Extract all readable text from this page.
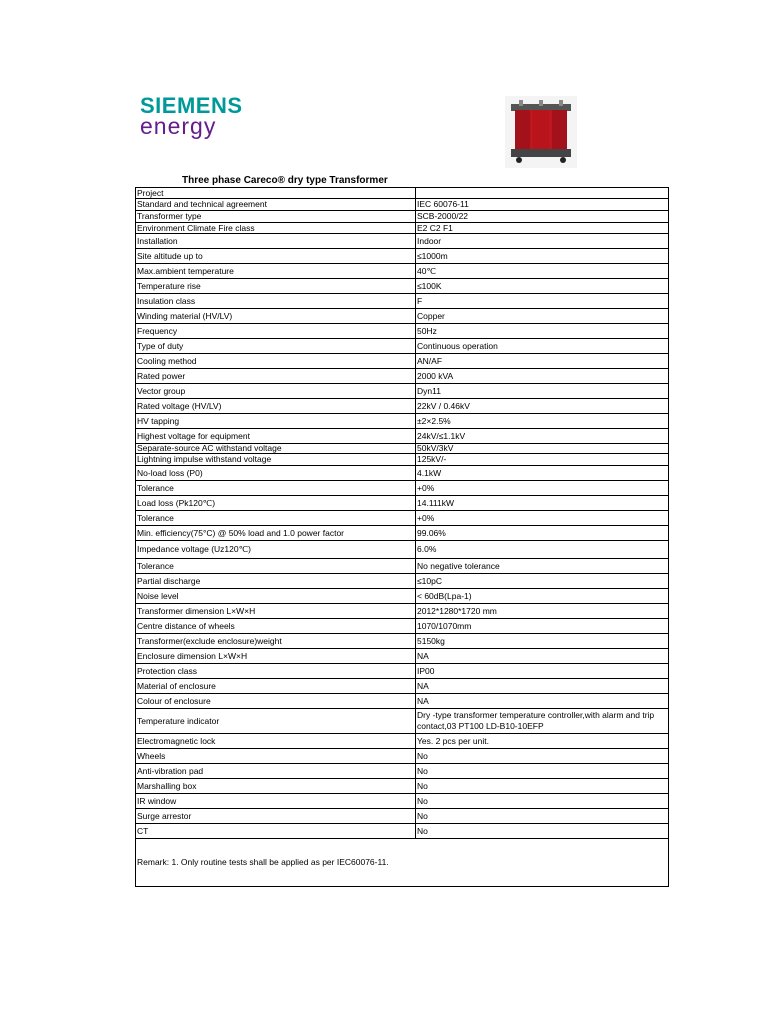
SIEMENS
energy
Three phase Careco® dry type Transformer
Project	
Standard and technical agreement	IEC 60076-11
Transformer type	SCB-2000/22
Environment Climate Fire class	E2 C2 F1
Installation	Indoor
Site altitude up to	≤1000m
Max.ambient temperature	40℃
Temperature rise	≤100K
Insulation class	F
Winding material (HV/LV)	Copper
Frequency	50Hz
Type of duty	Continuous operation
Cooling method	AN/AF
Rated power	2000 kVA
Vector group	Dyn11
Rated voltage (HV/LV)	22kV / 0.46kV
HV tapping	±2×2.5%
Highest voltage for equipment	24kV/≤1.1kV
Separate-source AC withstand voltage	50kV/3kV
Lightning impulse withstand voltage	125kV/-
No-load loss (P0)	4.1kW
Tolerance	+0%
Load loss (Pk120℃)	14.111kW
Tolerance	+0%
Min. efficiency(75°C) @ 50% load and 1.0 power factor	99.06%
Impedance voltage (Uz120℃)	6.0%
Tolerance	No negative tolerance
Partial discharge	≤10pC
Noise level	< 60dB(Lpa-1)
Transformer dimension L×W×H	2012*1280*1720 mm
Centre distance of wheels	1070/1070mm
Transformer(exclude enclosure)weight	5150kg
Enclosure dimension L×W×H	NA
Protection class	IP00
Material of enclosure	NA
Colour of enclosure	NA
Temperature indicator	Dry -type transformer temperature controller,with alarm and trip contact,03 PT100 LD-B10-10EFP
Electromagnetic lock	Yes. 2 pcs per unit.
Wheels	No
Anti-vibration pad	No
Marshalling box	No
IR window	No
Surge arrestor	No
CT	No
Remark: 1. Only routine tests shall be applied as per IEC60076-11.	
